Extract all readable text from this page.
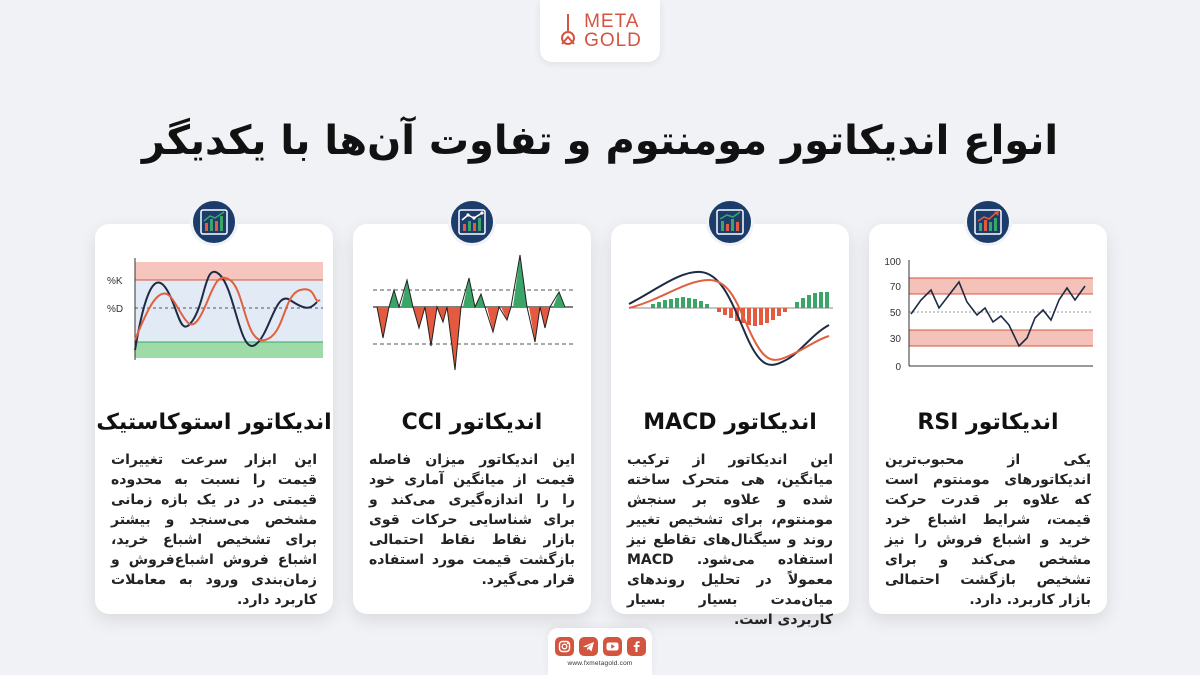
META
GOLD
انواع اندیکاتور مومنتوم و تفاوت آن‌ها با یکدیگر
%K
%D
اندیکاتور استوکاستیک
این ابزار سرعت تغییرات قیمت را نسبت به محدوده قیمتی در در یک بازه زمانی مشخص می‌سنجد و بیشتر برای تشخیص اشباع خرید، اشباع فروش اشباع‌فروش و زمان‌بندی ورود به معاملات کاربرد دارد.
اندیکاتور CCI
این اندیکاتور میزان فاصله قیمت از میانگین آماری خود را را اندازه‌گیری می‌کند و برای شناسایی حرکات قوی بازار نقاط نقاط احتمالی بازگشت قیمت مورد استفاده قرار می‌گیرد.
اندیکاتور MACD
این اندیکاتور از ترکیب میانگین، هی متحرک ساخته شده و علاوه بر سنجش مومنتوم، برای تشخیص تغییر روند و سیگنال‌های تقاطع نیز استفاده می‌شود. MACD معمولاً در تحلیل روندهای میان‌مدت بسیار بسیار کاربردی است.
100
70
50
30
0
اندیکاتور RSI
یکی از محبوب‌ترین اندیکاتورهای مومنتوم است که علاوه بر قدرت حرکت قیمت، شرایط اشباع خرد خرید و اشباع فروش را نیز مشخص می‌کند و برای تشخیص بازگشت احتمالی بازار کاربرد. دارد.
www.fxmetagold.com
